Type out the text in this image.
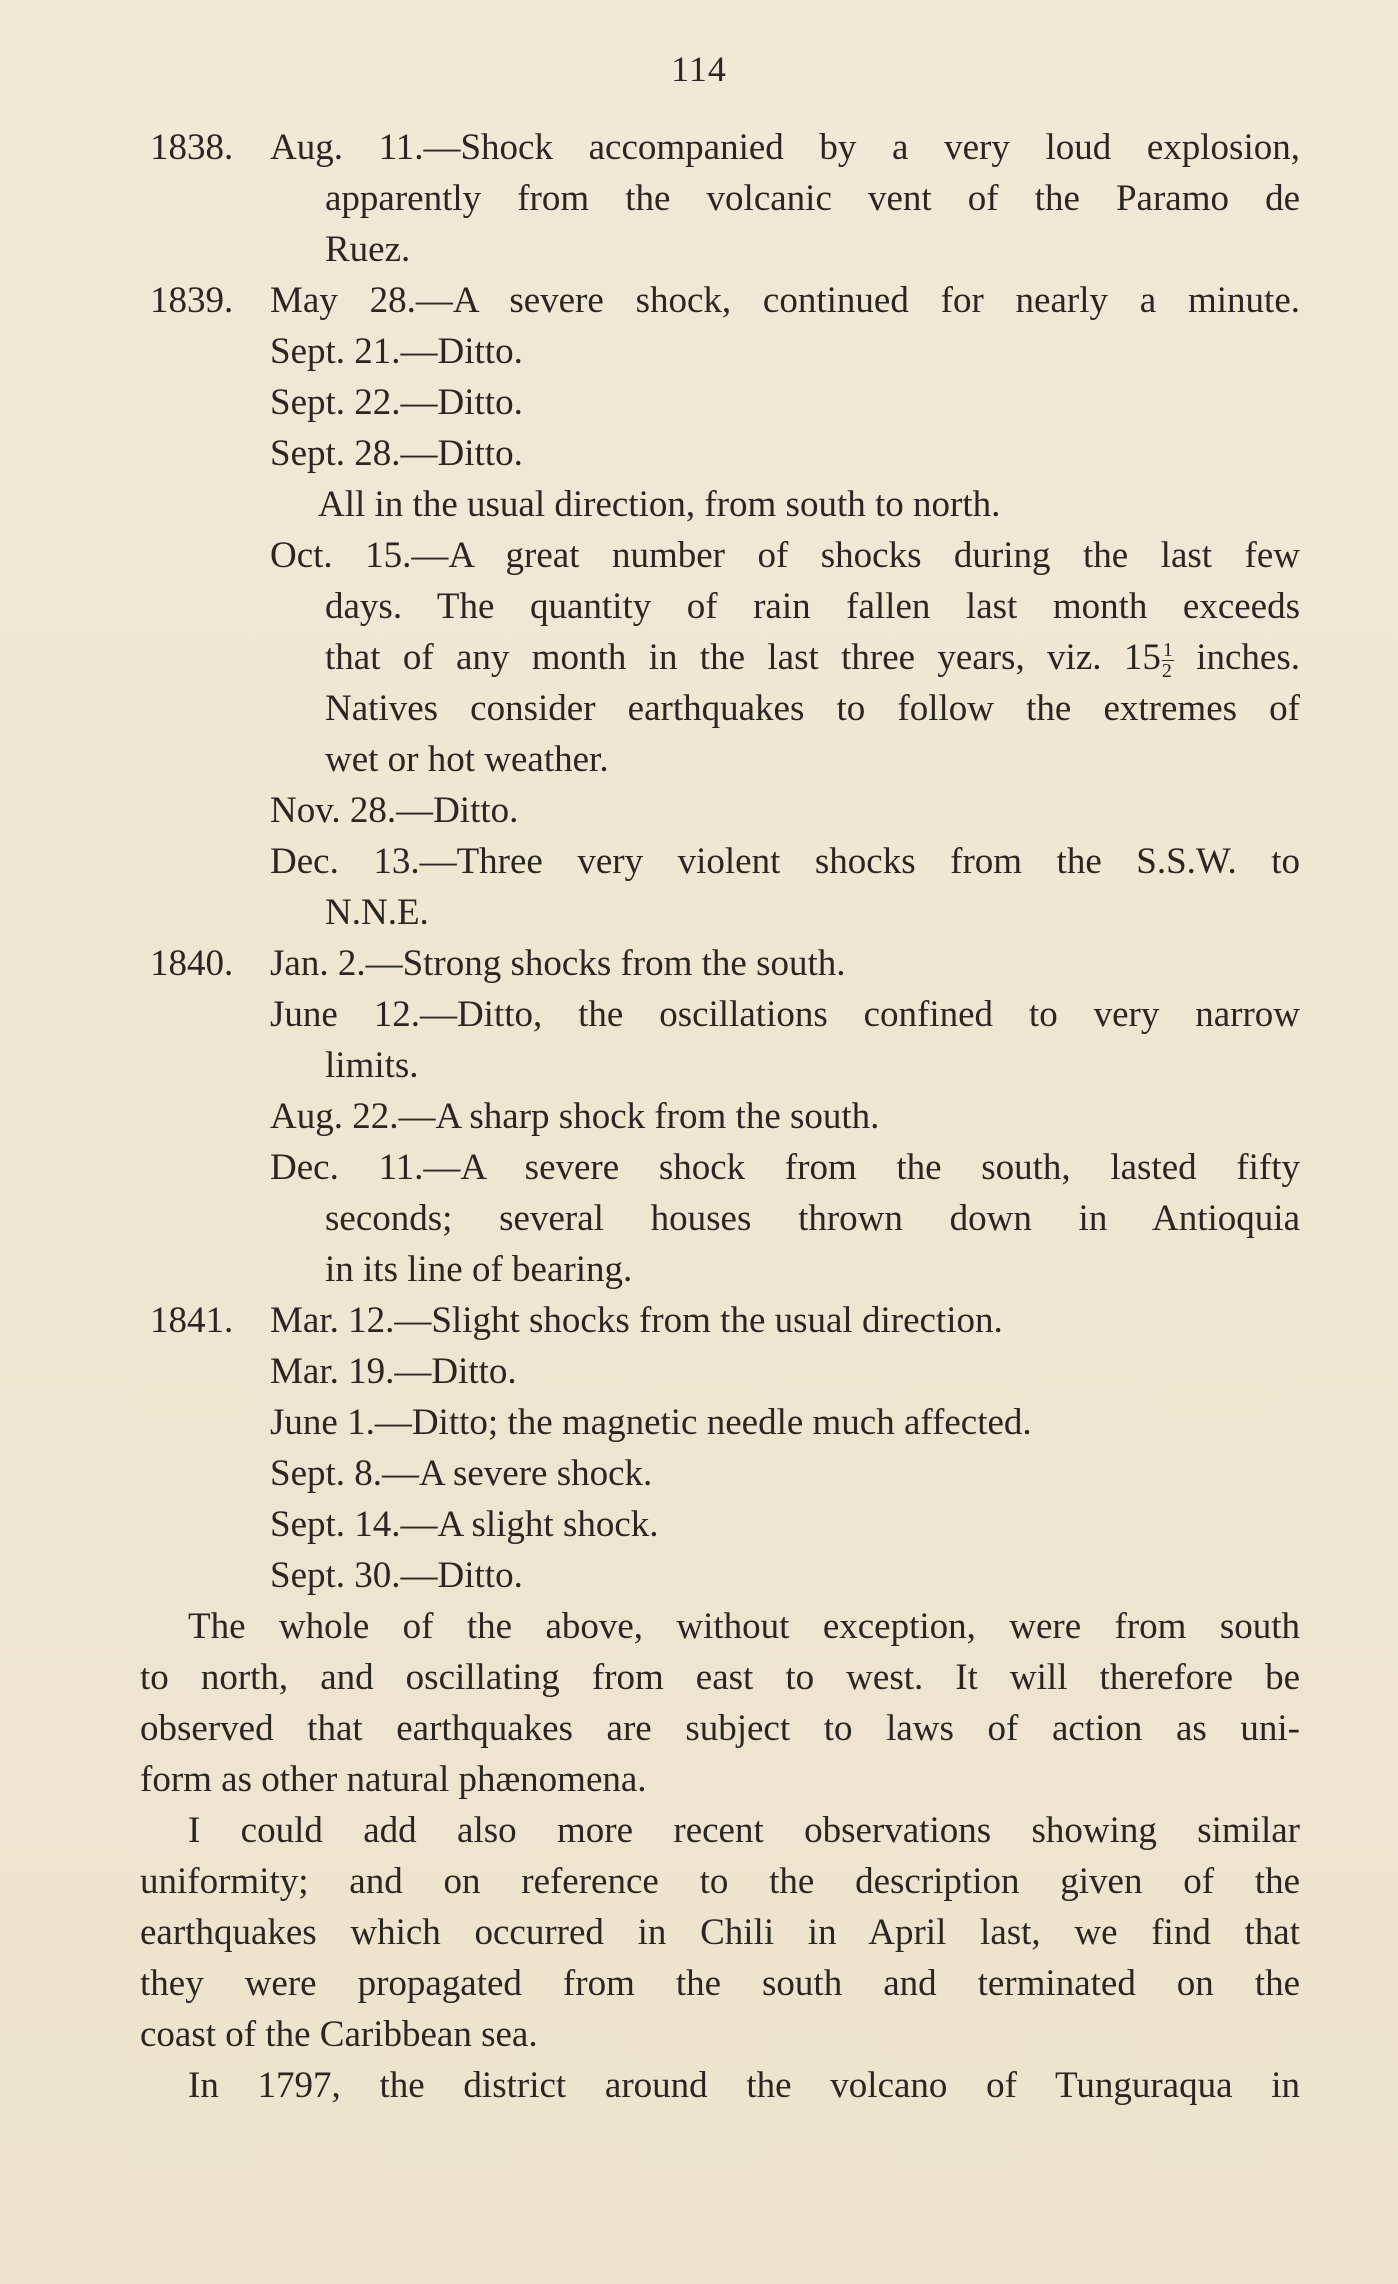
114
1838. Aug. 11.—Shock accompanied by a very loud explosion,
apparently from the volcanic vent of the Paramo de
Ruez.
1839. May 28.—A severe shock, continued for nearly a minute.
Sept. 21.—Ditto.
Sept. 22.—Ditto.
Sept. 28.—Ditto.
All in the usual direction, from south to north.
Oct. 15.—A great number of shocks during the last few
days. The quantity of rain fallen last month exceeds
that of any month in the last three years, viz. $15 \frac{1}{2}$ inches.
Natives consider earthquakes to follow the extremes of
wet or hot weather.
Nov. 28.—Ditto.
Dec. 13.—Three very violent shocks from the S.S.W. to
N.N.E.
1840. Jan. 2.—Strong shocks from the south.
June 12.—Ditto, the oscillations confined to very narrow
limits.
Aug. 22.—A sharp shock from the south.
Dec. 11.—A severe shock from the south, lasted fifty
seconds; several houses thrown down in Antioquia
in its line of bearing.
1841. Mar. 12.—Slight shocks from the usual direction.
Mar. 19.—Ditto.
June 1.—Ditto; the magnetic needle much affected.
Sept. 8.—A severe shock.
Sept. 14.—A slight shock.
Sept. 30.—Ditto.
The whole of the above, without exception, were from south
to north, and oscillating from east to west. It will therefore be
observed that earthquakes are subject to laws of action as uni-
form as other natural phænomena.
I could add also more recent observations showing similar
uniformity; and on reference to the description given of the
earthquakes which occurred in Chili in April last, we find that
they were propagated from the south and terminated on the
coast of the Caribbean sea.
In 1797, the district around the volcano of Tunguraqua in
